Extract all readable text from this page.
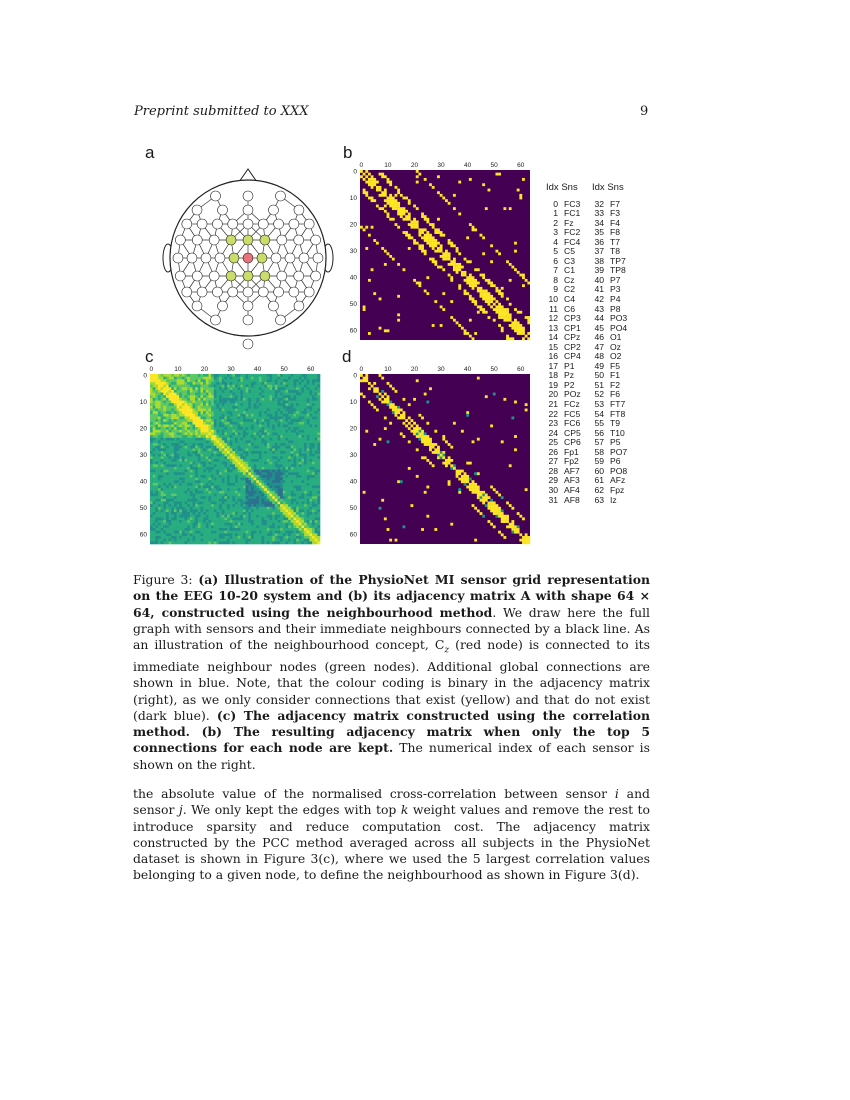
Preprint submitted to XXX	9
a	b
c	d
0
0
10
10
20
20
30
30
40
40
50
50
60
60
0
0
10
10
20
20
30
30
40
40
50
50
60
60
0
0
10
10
20
20
30
30
40
40
50
50
60
60
Idx Sns	Idx Sns
0 FC3	32 F7
1 FC1	33 F3
2 Fz	34 F4
3 FC2	35 F8
4 FC4	36 T7
5 C5	37 T8
6 C3	38 TP7
7 C1	39 TP8
8 Cz	40 P7
9 C2	41 P3
10 C4	42 P4
11 C6	43 P8
12 CP3	44 PO3
13 CP1	45 PO4
14 CPz	46 O1
15 CP2	47 Oz
16 CP4	48 O2
17 P1	49 F5
18 Pz	50 F1
19 P2	51 F2
20 POz	52 F6
21 FCz	53 FT7
22 FC5	54 FT8
23 FC6	55 T9
24 CP5	56 T10
25 CP6	57 P5
26 Fp1	58 PO7
27 Fp2	59 P6
28 AF7	60 PO8
29 AF3	61 AFz
30 AF4	62 Fpz
31 AF8	63 Iz
Figure 3: (a) Illustration of the PhysioNet MI sensor grid representation on the EEG 10-20 system and (b) its adjacency matrix A with shape 64 × 64, constructed using the neighbourhood method. We draw here the full graph with sensors and their immediate neighbours connected by a black line. As an illustration of the neighbourhood concept, $C_z$ (red node) is connected to its immediate neighbour nodes (green nodes). Additional global connections are shown in blue. Note, that the colour coding is binary in the adjacency matrix (right), as we only consider connections that exist (yellow) and that do not exist (dark blue). (c) The adjacency matrix constructed using the correlation method. (b) The resulting adjacency matrix when only the top 5 connections for each node are kept. The numerical index of each sensor is shown on the right.
the absolute value of the normalised cross-correlation between sensor i and sensor j. We only kept the edges with top k weight values and remove the rest to introduce sparsity and reduce computation cost. The adjacency matrix constructed by the PCC method averaged across all subjects in the PhysioNet dataset is shown in Figure 3(c), where we used the 5 largest correlation values belonging to a given node, to define the neighbourhood as shown in Figure 3(d).
